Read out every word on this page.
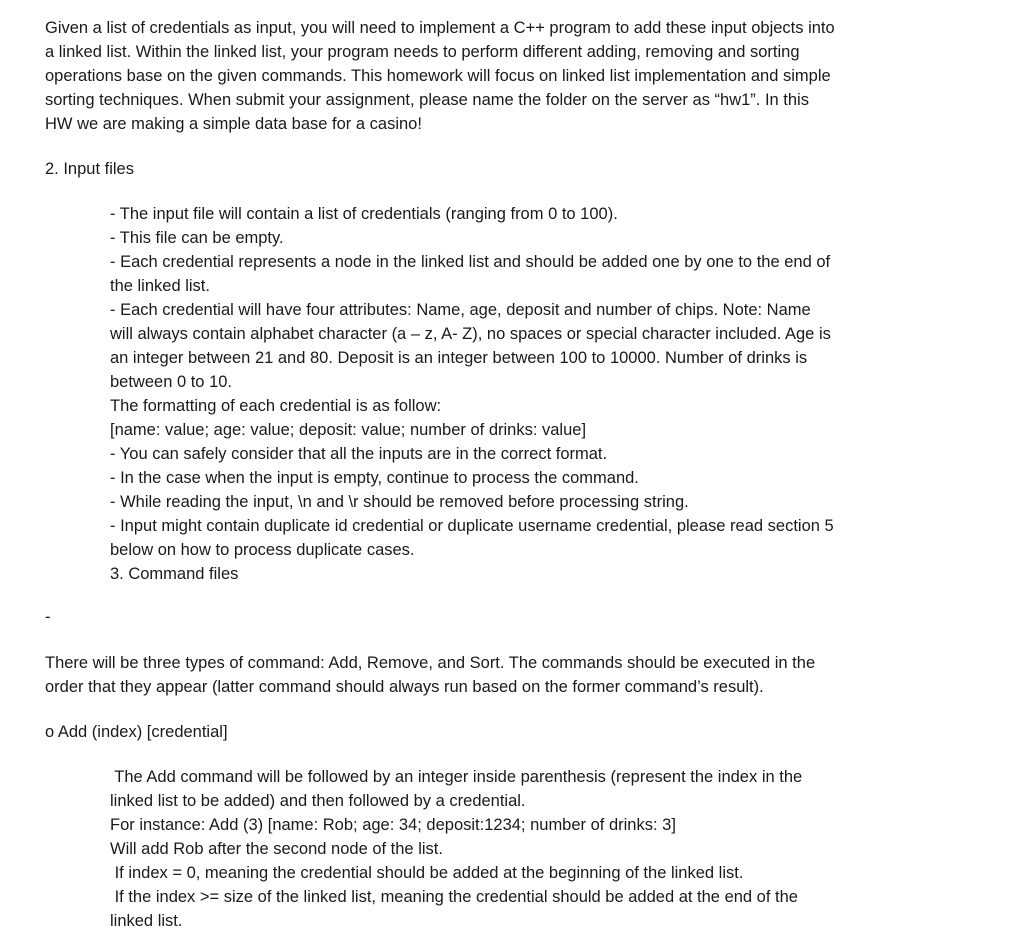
Given a list of credentials as input, you will need to implement a C++ program to add these input objects into
a linked list. Within the linked list, your program needs to perform different adding, removing and sorting
operations base on the given commands. This homework will focus on linked list implementation and simple
sorting techniques. When submit your assignment, please name the folder on the server as “hw1”. In this
HW we are making a simple data base for a casino!
2. Input files
- The input file will contain a list of credentials (ranging from 0 to 100).
- This file can be empty.
- Each credential represents a node in the linked list and should be added one by one to the end of
the linked list.
- Each credential will have four attributes: Name, age, deposit and number of chips. Note: Name
will always contain alphabet character (a – z, A- Z), no spaces or special character included. Age is
an integer between 21 and 80. Deposit is an integer between 100 to 10000. Number of drinks is
between 0 to 10.
The formatting of each credential is as follow:
[name: value; age: value; deposit: value; number of drinks: value]
- You can safely consider that all the inputs are in the correct format.
- In the case when the input is empty, continue to process the command.
- While reading the input, \n and \r should be removed before processing string.
- Input might contain duplicate id credential or duplicate username credential, please read section 5
below on how to process duplicate cases.
3. Command files
-
There will be three types of command: Add, Remove, and Sort. The commands should be executed in the
order that they appear (latter command should always run based on the former command’s result).
o Add (index) [credential]
The Add command will be followed by an integer inside parenthesis (represent the index in the
linked list to be added) and then followed by a credential.
For instance: Add (3) [name: Rob; age: 34; deposit:1234; number of drinks: 3]
Will add Rob after the second node of the list.
If index = 0, meaning the credential should be added at the beginning of the linked list.
If the index >= size of the linked list, meaning the credential should be added at the end of the
linked list.
